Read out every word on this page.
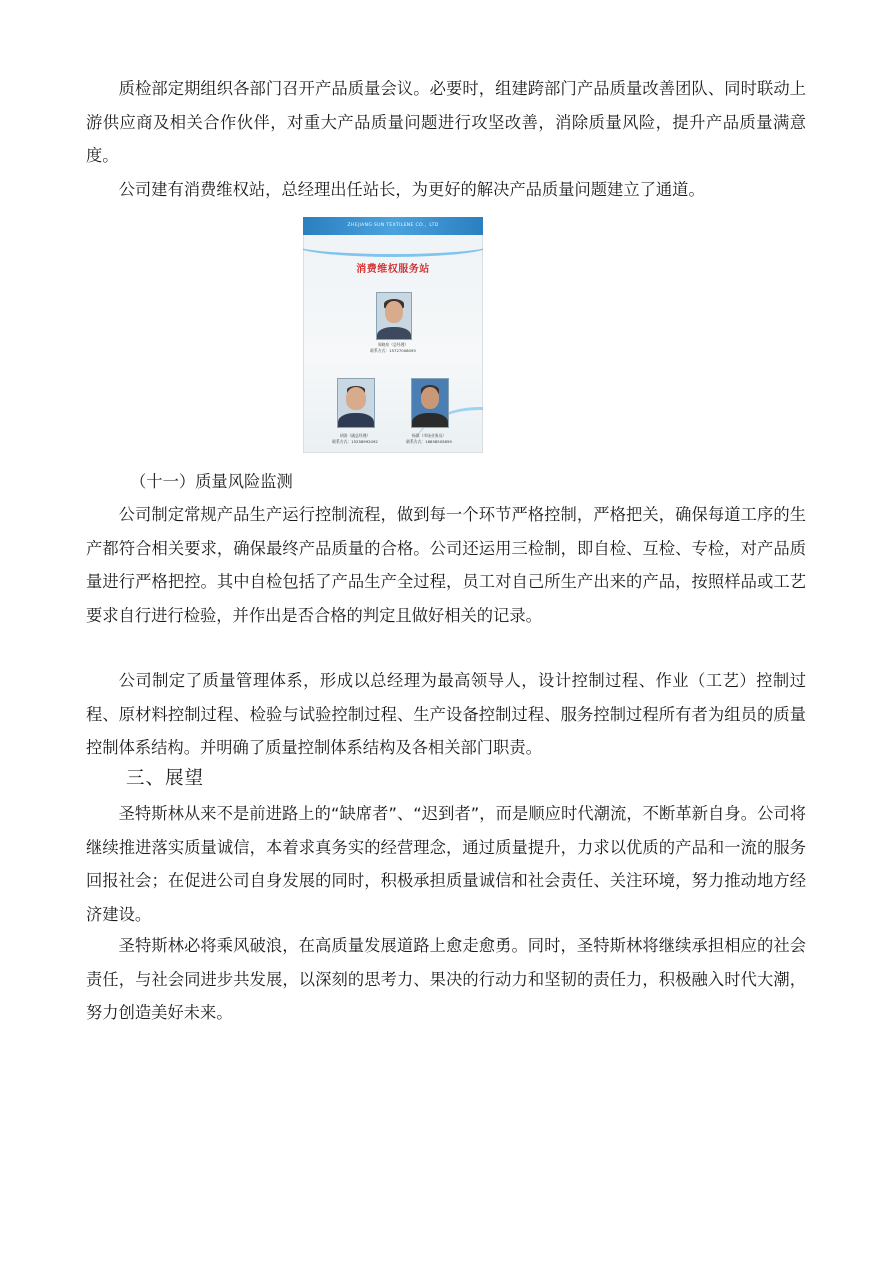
质检部定期组织各部门召开产品质量会议。必要时，组建跨部门产品质量改善团队、同时联动上游供应商及相关合作伙伴，对重大产品质量问题进行攻坚改善，消除质量风险，提升产品质量满意度。

公司建有消费维权站，总经理出任站长，为更好的解决产品质量问题建立了通道。

ZHEJIANG SUN TEXTILENE CO.，LTD
消费维权服务站
周晓泉（总经理）
联系方式：15727008093
胡涛（副总经理）
联系方式：15258992092
杨琪（市场业务员）
联系方式：18858505859

（十一）质量风险监测

公司制定常规产品生产运行控制流程，做到每一个环节严格控制，严格把关，确保每道工序的生产都符合相关要求，确保最终产品质量的合格。公司还运用三检制，即自检、互检、专检，对产品质量进行严格把控。其中自检包括了产品生产全过程，员工对自己所生产出来的产品，按照样品或工艺要求自行进行检验，并作出是否合格的判定且做好相关的记录。

公司制定了质量管理体系，形成以总经理为最高领导人，设计控制过程、作业（工艺）控制过程、原材料控制过程、检验与试验控制过程、生产设备控制过程、服务控制过程所有者为组员的质量控制体系结构。并明确了质量控制体系结构及各相关部门职责。

三、展望

圣特斯林从来不是前进路上的“缺席者”、“迟到者”，而是顺应时代潮流，不断革新自身。公司将继续推进落实质量诚信，本着求真务实的经营理念，通过质量提升，力求以优质的产品和一流的服务回报社会；在促进公司自身发展的同时，积极承担质量诚信和社会责任、关注环境，努力推动地方经济建设。

圣特斯林必将乘风破浪，在高质量发展道路上愈走愈勇。同时，圣特斯林将继续承担相应的社会责任，与社会同进步共发展，以深刻的思考力、果决的行动力和坚韧的责任力，积极融入时代大潮，努力创造美好未来。
